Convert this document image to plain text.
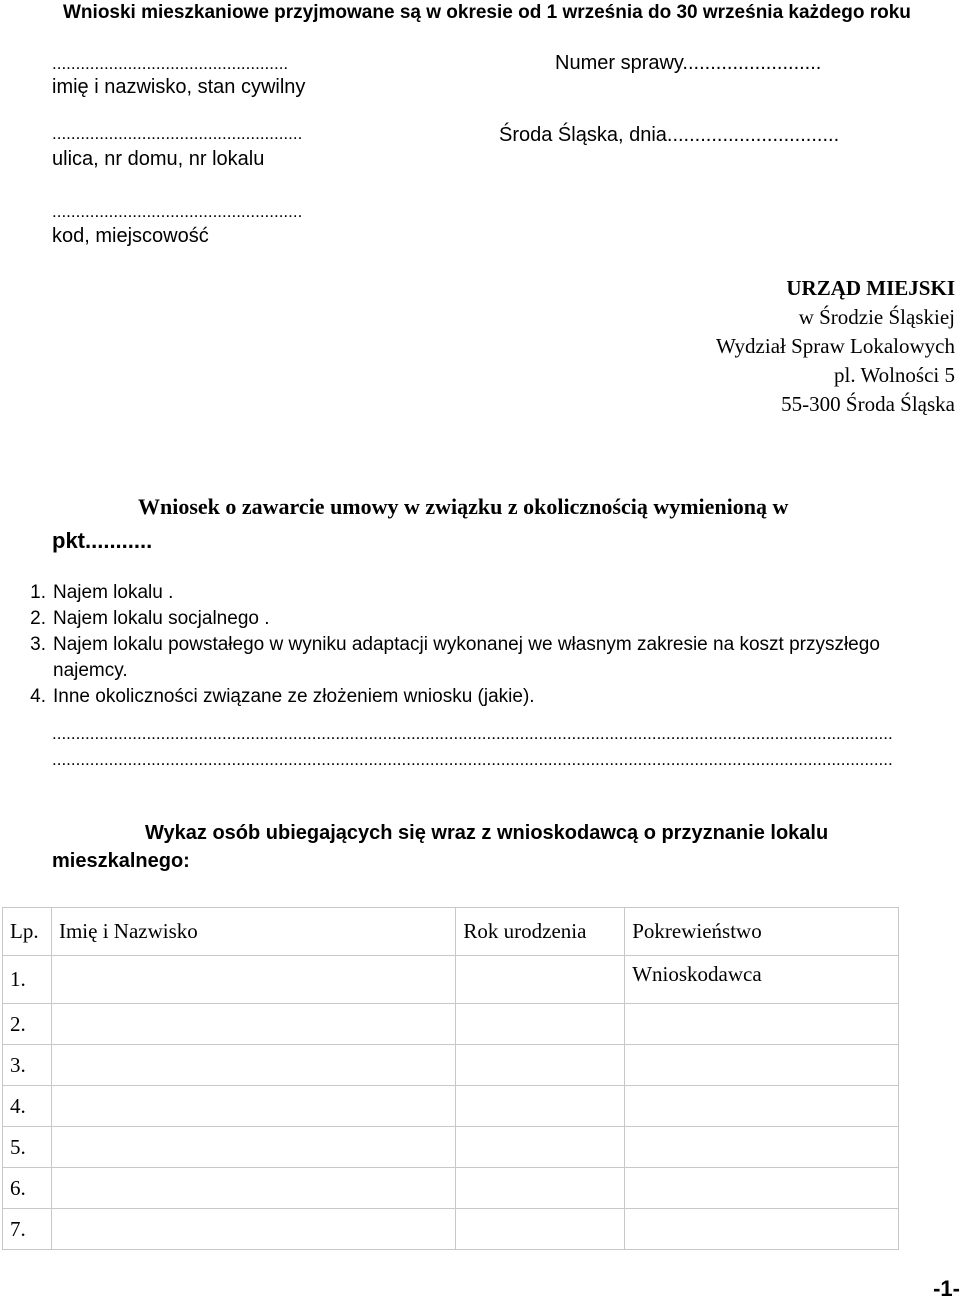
Wnioski mieszkaniowe przyjmowane są w okresie od 1 września do 30 września każdego roku
..................................................
imię i nazwisko, stan cywilny
.....................................................
ulica, nr domu, nr lokalu
.....................................................
kod, miejscowość
Numer sprawy.........................
Środa Śląska, dnia...............................
URZĄD MIEJSKI
w Środzie Śląskiej
Wydział Spraw Lokalowych
pl. Wolności 5
55-300 Środa Śląska
Wniosek o zawarcie umowy w związku z okolicznością wymienioną w
pkt...........
1. Najem lokalu .
2. Najem lokalu socjalnego .
3. Najem lokalu powstałego w wyniku adaptacji wykonanej we własnym zakresie na koszt przyszłego
najemcy.
4. Inne okoliczności związane ze złożeniem wniosku (jakie).
..................................................................................................................................................................................
..................................................................................................................................................................................
Wykaz osób ubiegających się wraz z wnioskodawcą o przyznanie lokalu
mieszkalnego:
Lp.	Imię i Nazwisko	Rok urodzenia	Pokrewieństwo
1.			Wnioskodawca
2.			
3.			
4.			
5.			
6.			
7.			
-1-
